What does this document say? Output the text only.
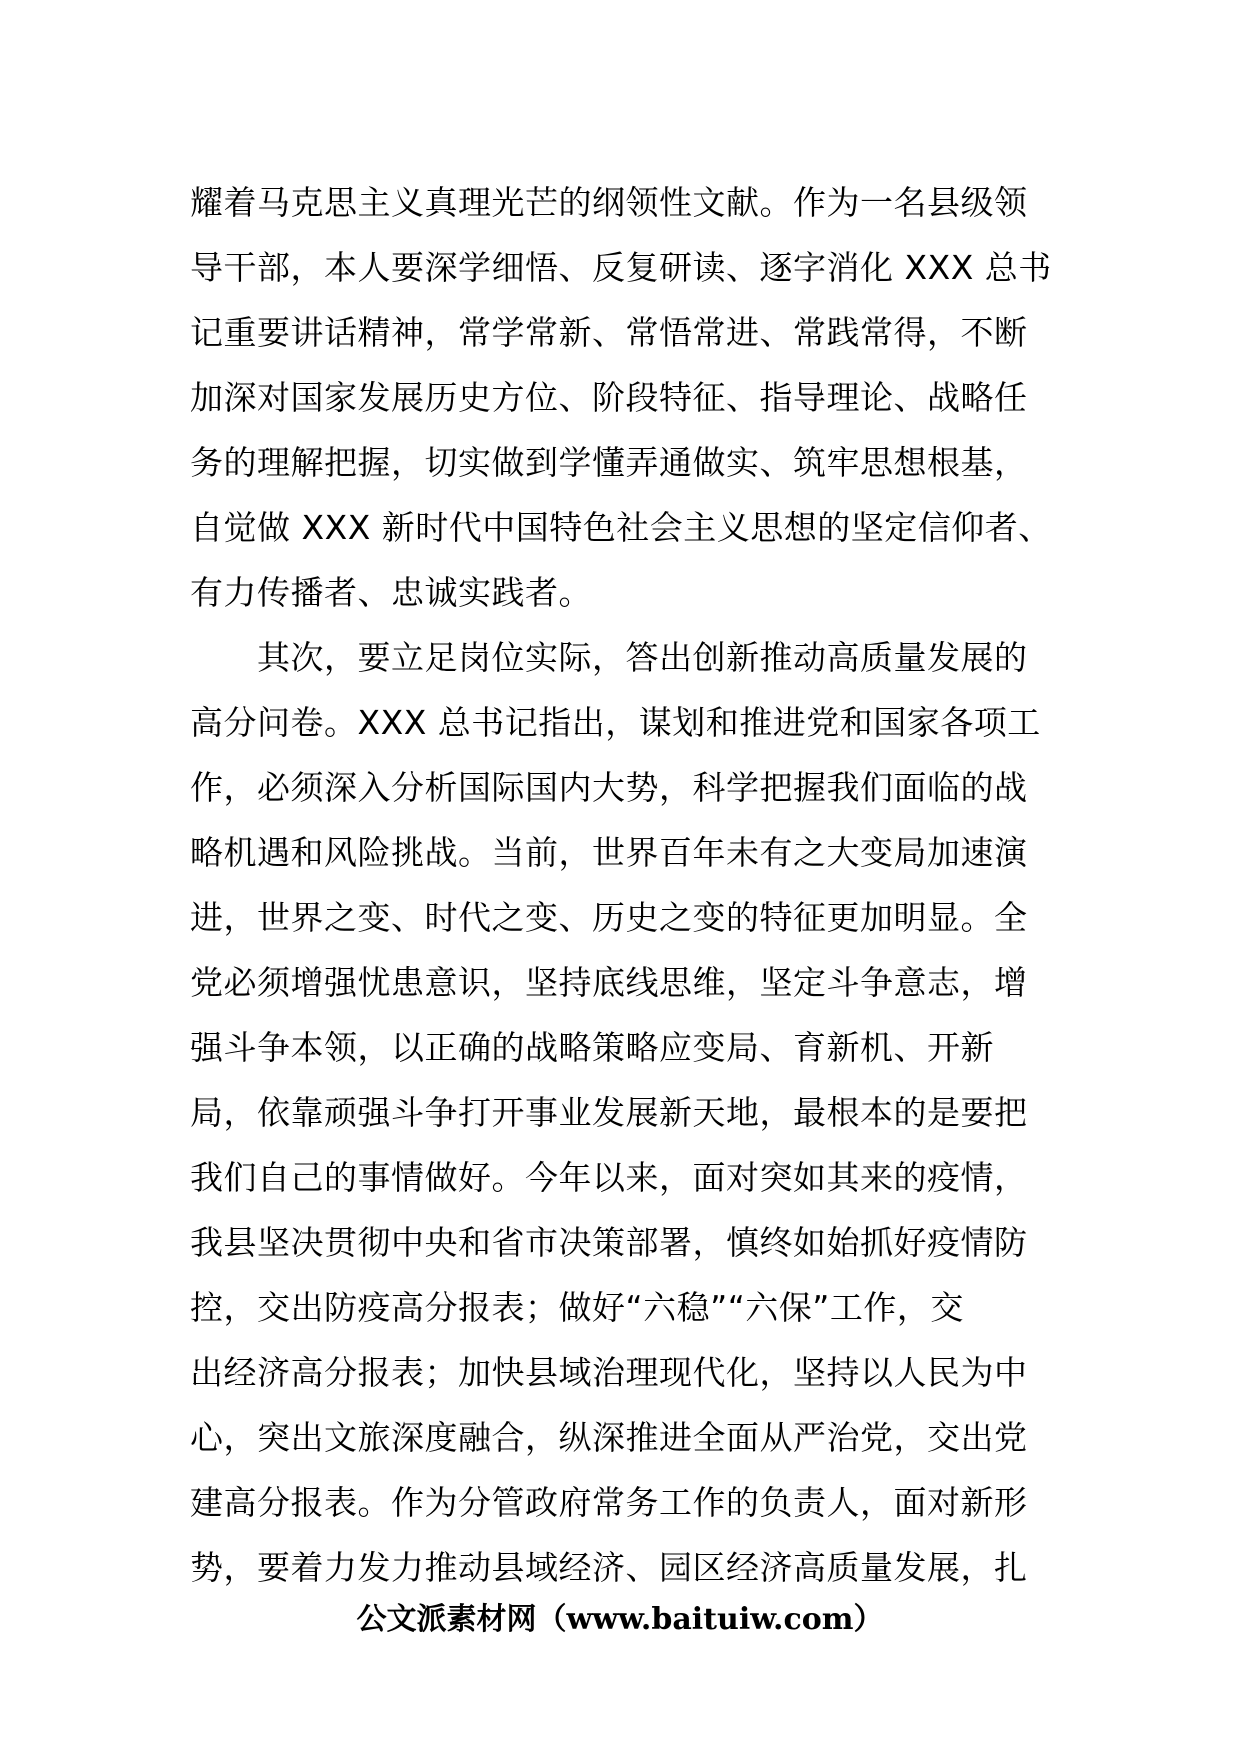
耀着马克思主义真理光芒的纲领性文献。作为一名县级领
导干部，本人要深学细悟、反复研读、逐字消化 XXX 总书
记重要讲话精神，常学常新、常悟常进、常践常得，不断
加深对国家发展历史方位、阶段特征、指导理论、战略任
务的理解把握，切实做到学懂弄通做实、筑牢思想根基，
自觉做 XXX 新时代中国特色社会主义思想的坚定信仰者、
有力传播者、忠诚实践者。
　　其次，要立足岗位实际，答出创新推动高质量发展的
高分问卷。XXX 总书记指出，谋划和推进党和国家各项工
作，必须深入分析国际国内大势，科学把握我们面临的战
略机遇和风险挑战。当前，世界百年未有之大变局加速演
进，世界之变、时代之变、历史之变的特征更加明显。全
党必须增强忧患意识，坚持底线思维，坚定斗争意志，增
强斗争本领，以正确的战略策略应变局、育新机、开新
局，依靠顽强斗争打开事业发展新天地，最根本的是要把
我们自己的事情做好。今年以来，面对突如其来的疫情，
我县坚决贯彻中央和省市决策部署，慎终如始抓好疫情防
控，交出防疫高分报表；做好“六稳”“六保”工作，交
出经济高分报表；加快县域治理现代化，坚持以人民为中
心，突出文旅深度融合，纵深推进全面从严治党，交出党
建高分报表。作为分管政府常务工作的负责人，面对新形
势，要着力发力推动县域经济、园区经济高质量发展，扎
公文派素材网（www.baituiw.com）
